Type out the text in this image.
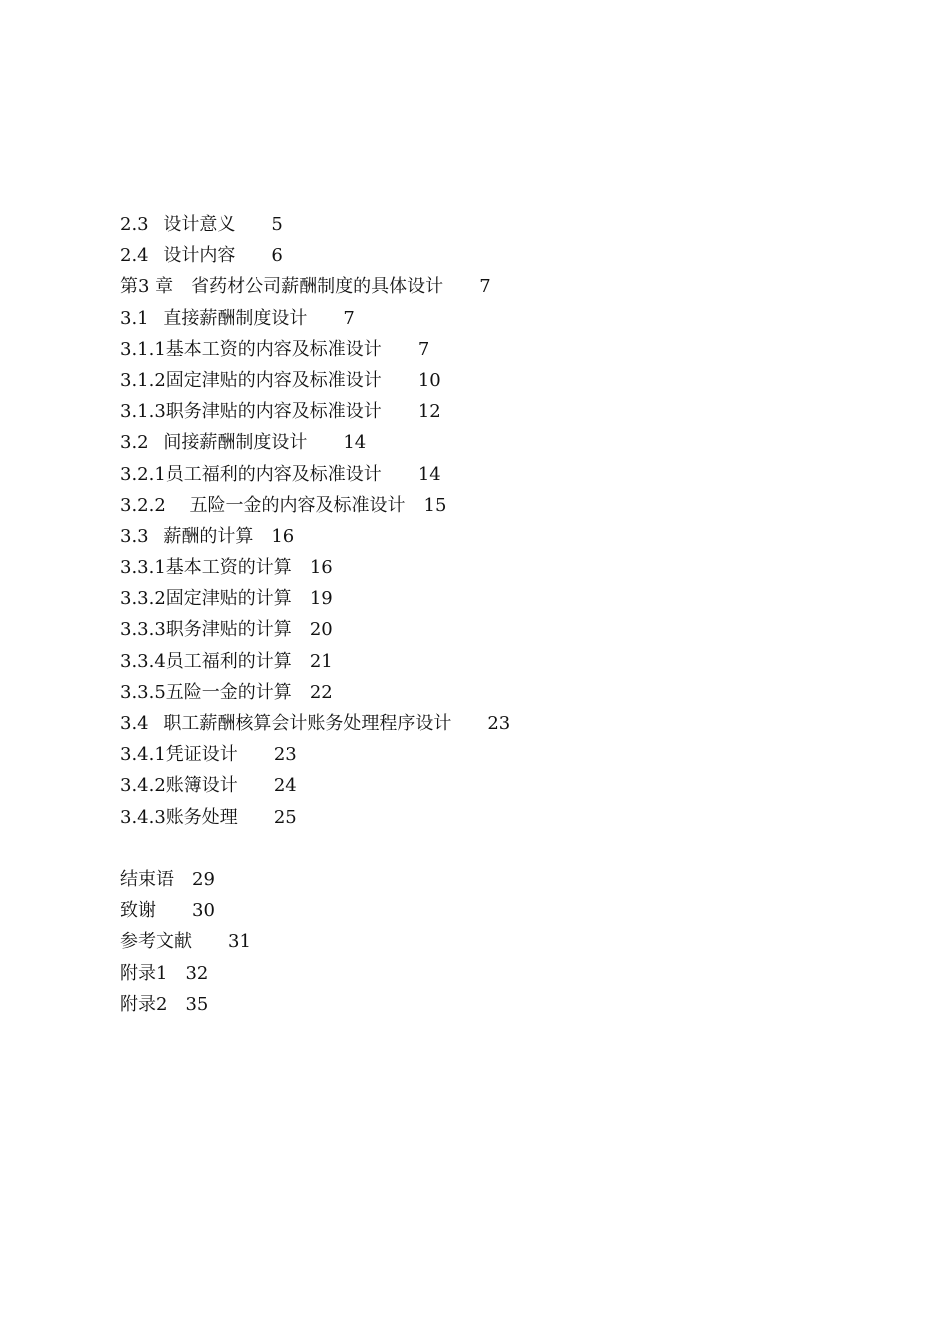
2.3  设计意义   5
2.4  设计内容   6
第3 章 省药材公司薪酬制度的具体设计   7
3.1  直接薪酬制度设计   7
3.1.1基本工资的内容及标准设计   7
3.1.2固定津贴的内容及标准设计   10
3.1.3职务津贴的内容及标准设计   12
3.2  间接薪酬制度设计   14
3.2.1员工福利的内容及标准设计   14
3.2.2  五险一金的内容及标准设计  15
3.3  薪酬的计算  16
3.3.1基本工资的计算  16
3.3.2固定津贴的计算  19
3.3.3职务津贴的计算  20
3.3.4员工福利的计算  21
3.3.5五险一金的计算  22
3.4  职工薪酬核算会计账务处理程序设计   23
3.4.1凭证设计   23
3.4.2账簿设计   24
3.4.3账务处理   25
结束语  29
致谢   30
参考文献   31
附录1   32
附录2   35
